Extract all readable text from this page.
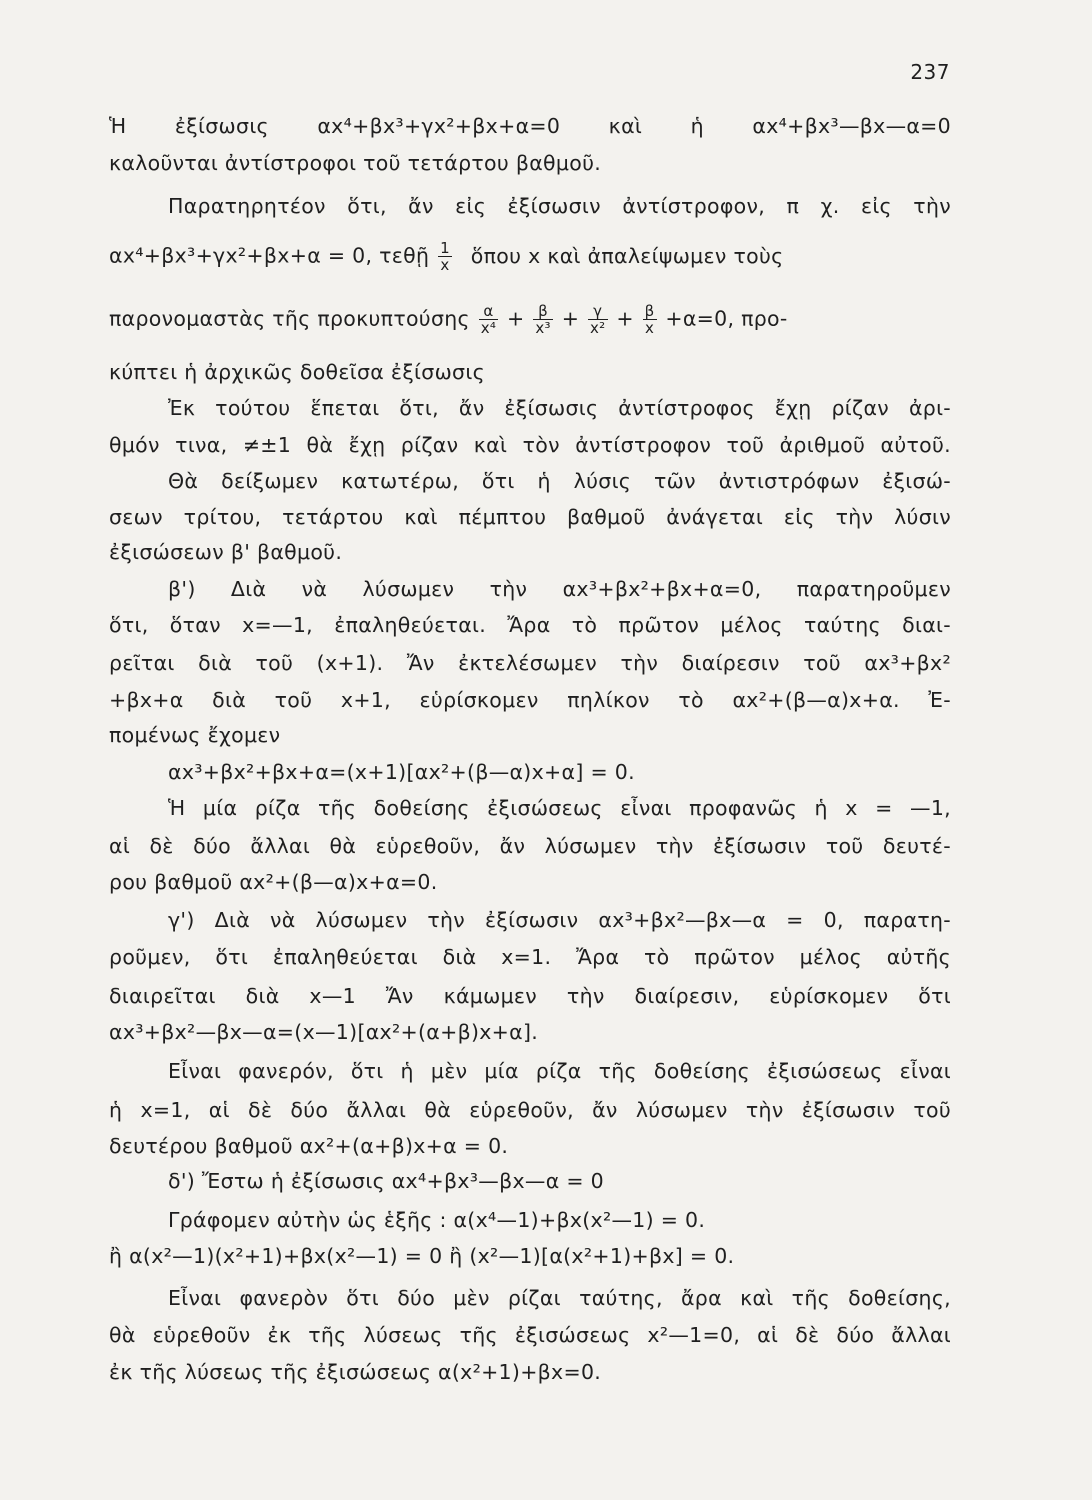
237
Ἡ ἐξίσωσις αx⁴+βx³+γx²+βx+α=0 καὶ ἡ αx⁴+βx³—βx—α=0
καλοῦνται ἀντίστροφοι τοῦ τετάρτου βαθμοῦ.
Παρατηρητέον ὅτι, ἄν εἰς ἐξίσωσιν ἀντίστροφον, π χ. εἰς τὴν
αx⁴+βx³+γx²+βx+α = 0, τεθῇ $\frac{1}{x}$ ὅπου x καὶ ἀπαλείψωμεν τοὺς
παρονομαστὰς τῆς προκυπτούσης $\frac{\alpha}{\text{x⁴}} + \frac{\beta}{\text{x³}} + \frac{\gamma}{\text{x²}} + \frac{\beta}{x} +\alpha=0$, προ-
κύπτει ἡ ἀρχικῶς δοθεῖσα ἐξίσωσις
Ἐκ τούτου ἕπεται ὅτι, ἄν ἐξίσωσις ἀντίστροφος ἔχῃ ρίζαν ἀρι-
θμόν τινα, ≠±1 θὰ ἔχῃ ρίζαν καὶ τὸν ἀντίστροφον τοῦ ἀριθμοῦ αὐτοῦ.
Θὰ δείξωμεν κατωτέρω, ὅτι ἡ λύσις τῶν ἀντιστρόφων ἐξισώ-
σεων τρίτου, τετάρτου καὶ πέμπτου βαθμοῦ ἀνάγεται εἰς τὴν λύσιν
ἐξισώσεων β' βαθμοῦ.
β') Διὰ νὰ λύσωμεν τὴν αx³+βx²+βx+α=0, παρατηροῦμεν
ὅτι, ὅταν x=—1, ἐπαληθεύεται. Ἄρα τὸ πρῶτον μέλος ταύτης διαι-
ρεῖται διὰ τοῦ (x+1). Ἄν ἐκτελέσωμεν τὴν διαίρεσιν τοῦ αx³+βx²
+βx+α διὰ τοῦ x+1, εὑρίσκομεν πηλίκον τὸ αx²+(β—α)x+α. Ἐ-
πομένως ἔχομεν
αx³+βx²+βx+α=(x+1)[αx²+(β—α)x+α] = 0.
Ἡ μία ρίζα τῆς δοθείσης ἐξισώσεως εἶναι προφανῶς ἡ x = —1,
αἱ δὲ δύο ἄλλαι θὰ εὑρεθοῦν, ἄν λύσωμεν τὴν ἐξίσωσιν τοῦ δευτέ-
ρου βαθμοῦ αx²+(β—α)x+α=0.
γ') Διὰ νὰ λύσωμεν τὴν ἐξίσωσιν αx³+βx²—βx—α = 0, παρατη-
ροῦμεν, ὅτι ἐπαληθεύεται διὰ x=1. Ἄρα τὸ πρῶτον μέλος αὐτῆς
διαιρεῖται διὰ x—1 Ἄν κάμωμεν τὴν διαίρεσιν, εὑρίσκομεν ὅτι
αx³+βx²—βx—α=(x—1)[αx²+(α+β)x+α].
Εἶναι φανερόν, ὅτι ἡ μὲν μία ρίζα τῆς δοθείσης ἐξισώσεως εἶναι
ἡ x=1, αἱ δὲ δύο ἄλλαι θὰ εὑρεθοῦν, ἄν λύσωμεν τὴν ἐξίσωσιν τοῦ
δευτέρου βαθμοῦ αx²+(α+β)x+α = 0.
δ') Ἔστω ἡ ἐξίσωσις αx⁴+βx³—βx—α = 0
Γράφομεν αὐτὴν ὡς ἑξῆς : α(x⁴—1)+βx(x²—1) = 0.
ἢ α(x²—1)(x²+1)+βx(x²—1) = 0 ἢ (x²—1)[α(x²+1)+βx] = 0.
Εἶναι φανερὸν ὅτι δύο μὲν ρίζαι ταύτης, ἄρα καὶ τῆς δοθείσης,
θὰ εὑρεθοῦν ἐκ τῆς λύσεως τῆς ἐξισώσεως x²—1=0, αἱ δὲ δύο ἄλλαι
ἐκ τῆς λύσεως τῆς ἐξισώσεως α(x²+1)+βx=0.
